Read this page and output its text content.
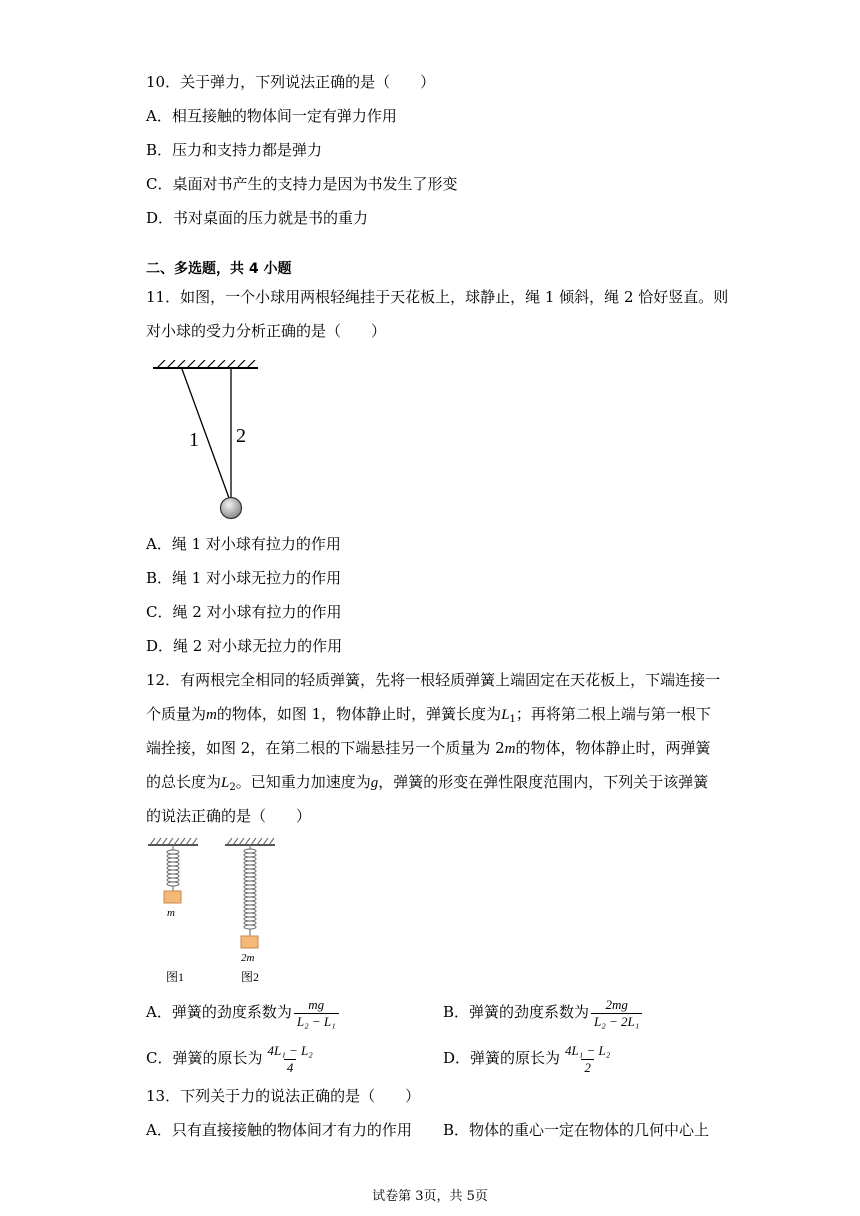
10．关于弹力，下列说法正确的是（　　）
A．相互接触的物体间一定有弹力作用
B．压力和支持力都是弹力
C．桌面对书产生的支持力是因为书发生了形变
D．书对桌面的压力就是书的重力
二、多选题，共 4 小题
11．如图，一个小球用两根轻绳挂于天花板上，球静止，绳 1 倾斜，绳 2 恰好竖直。则
对小球的受力分析正确的是（　　）
1 2
A．绳 1 对小球有拉力的作用
B．绳 1 对小球无拉力的作用
C．绳 2 对小球有拉力的作用
D．绳 2 对小球无拉力的作用
12．有两根完全相同的轻质弹簧，先将一根轻质弹簧上端固定在天花板上，下端连接一
个质量为m的物体，如图 1，物体静止时，弹簧长度为$L_1$；再将第二根上端与第一根下
端拴接，如图 2，在第二根的下端悬挂另一个质量为 2m的物体，物体静止时，两弹簧
的总长度为$L_2$。已知重力加速度为g，弹簧的形变在弹性限度范围内，下列关于该弹簧
的说法正确的是（　　）
m
2m
图1	图2
A．弹簧的劲度系数为 $\frac{mg}{\text{L₂ − L₁}}$	B．弹簧的劲度系数为 $\frac{2mg}{\text{L₂ − 2L₁}}$
C．弹簧的原长为 $\frac{\text{4L₁ − L₂}}{4}$	D．弹簧的原长为 $\frac{\text{4L₁ − L₂}}{2}$
13．下列关于力的说法正确的是（　　）
A．只有直接接触的物体间才有力的作用 B．物体的重心一定在物体的几何中心上
试卷第 3页，共 5页
